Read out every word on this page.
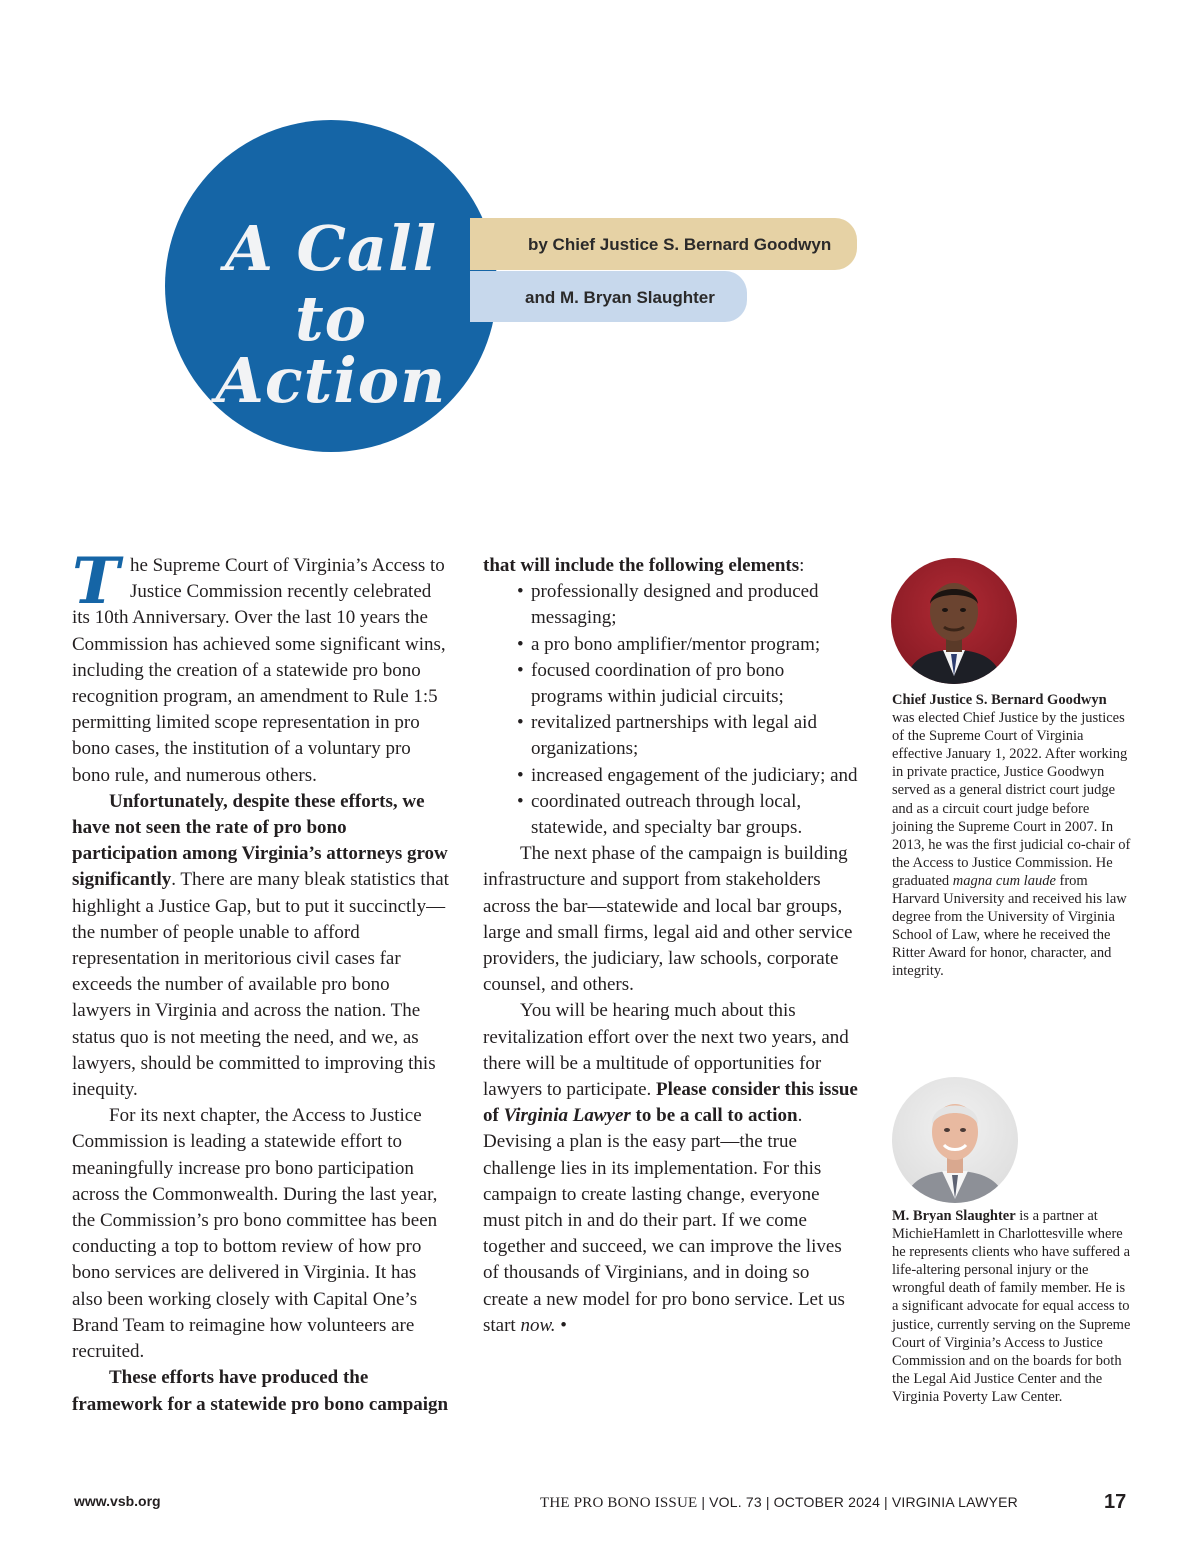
A Call
to
Action
by Chief Justice S. Bernard Goodwyn
and M. Bryan Slaughter

The Supreme Court of Virginia’s Access to Justice Commission recently celebrated its 10th Anniversary. Over the last 10 years the Commission has achieved some significant wins, including the creation of a statewide pro bono recognition program, an amendment to Rule 1:5 permitting limited scope representation in pro bono cases, the institution of a voluntary pro bono rule, and numerous others.

Unfortunately, despite these efforts, we have not seen the rate of pro bono participation among Virginia’s attorneys grow significantly. There are many bleak statistics that highlight a Justice Gap, but to put it succinctly—the number of people unable to afford representation in meritorious civil cases far exceeds the number of available pro bono lawyers in Virginia and across the nation. The status quo is not meeting the need, and we, as lawyers, should be committed to improving this inequity.

For its next chapter, the Access to Justice Commission is leading a statewide effort to meaningfully increase pro bono participation across the Commonwealth. During the last year, the Commission’s pro bono committee has been conducting a top to bottom review of how pro bono services are delivered in Virginia. It has also been working closely with Capital One’s Brand Team to reimagine how volunteers are recruited.

These efforts have produced the framework for a statewide pro bono campaign

that will include the following elements:

• professionally designed and produced messaging;
• a pro bono amplifier/mentor program;
• focused coordination of pro bono programs within judicial circuits;
• revitalized partnerships with legal aid organizations;
• increased engagement of the judiciary; and
• coordinated outreach through local, statewide, and specialty bar groups.

The next phase of the campaign is building infrastructure and support from stakeholders across the bar—statewide and local bar groups, large and small firms, legal aid and other service providers, the judiciary, law schools, corporate counsel, and others.

You will be hearing much about this revitalization effort over the next two years, and there will be a multitude of opportunities for lawyers to participate. Please consider this issue of Virginia Lawyer to be a call to action. Devising a plan is the easy part—the true challenge lies in its implementation. For this campaign to create lasting change, everyone must pitch in and do their part. If we come together and succeed, we can improve the lives of thousands of Virginians, and in doing so create a new model for pro bono service. Let us start now. •

Chief Justice S. Bernard Goodwyn was elected Chief Justice by the justices of the Supreme Court of Virginia effective January 1, 2022. After working in private practice, Justice Goodwyn served as a general district court judge and as a circuit court judge before joining the Supreme Court in 2007. In 2013, he was the first judicial co-chair of the Access to Justice Commission. He graduated magna cum laude from Harvard University and received his law degree from the University of Virginia School of Law, where he received the Ritter Award for honor, character, and integrity.

M. Bryan Slaughter is a partner at MichieHamlett in Charlottesville where he represents clients who have suffered a life-altering personal injury or the wrongful death of family member. He is a significant advocate for equal access to justice, currently serving on the Supreme Court of Virginia’s Access to Justice Commission and on the boards for both the Legal Aid Justice Center and the Virginia Poverty Law Center.

www.vsb.org	THE PRO BONO ISSUE | VOL. 73 | OCTOBER 2024 | VIRGINIA LAWYER	17
